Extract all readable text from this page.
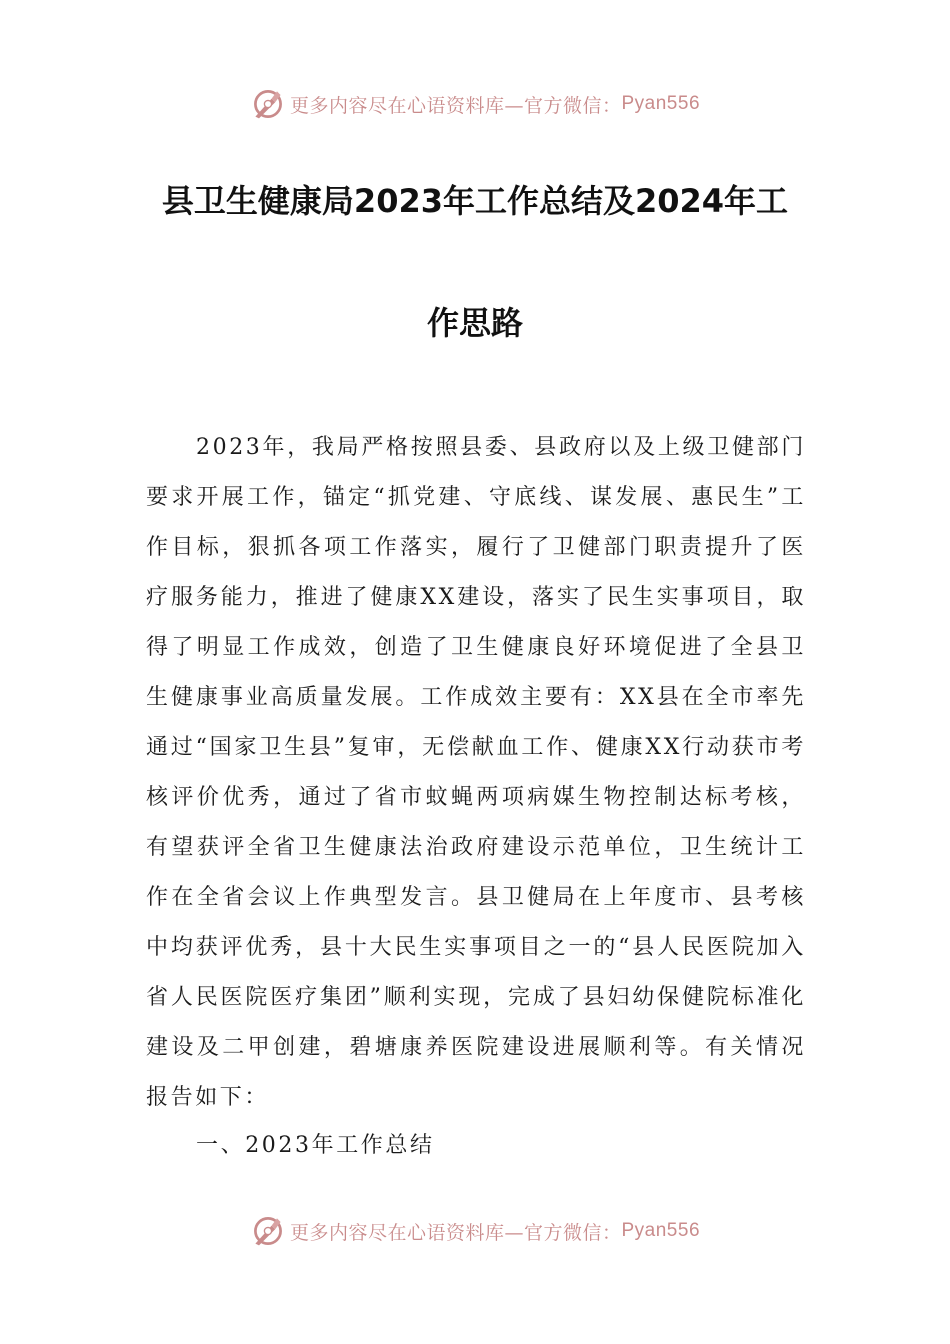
更多内容尽在心语资料库—官方微信： Pyan556
县卫生健康局2023年工作总结及2024年工
作思路

2023年，我局严格按照县委、县政府以及上级卫健部门要求开展工作，锚定“抓党建、守底线、谋发展、惠民生”工作目标，狠抓各项工作落实，履行了卫健部门职责提升了医疗服务能力，推进了健康XX建设，落实了民生实事项目，取得了明显工作成效，创造了卫生健康良好环境促进了全县卫生健康事业高质量发展。工作成效主要有：XX县在全市率先通过“国家卫生县”复审，无偿献血工作、健康XX行动获市考核评价优秀，通过了省市蚊蝇两项病媒生物控制达标考核，有望获评全省卫生健康法治政府建设示范单位，卫生统计工作在全省会议上作典型发言。县卫健局在上年度市、县考核中均获评优秀，县十大民生实事项目之一的“县人民医院加入省人民医院医疗集团”顺利实现，完成了县妇幼保健院标准化建设及二甲创建，碧塘康养医院建设进展顺利等。有关情况报告如下：

一、2023年工作总结

更多内容尽在心语资料库—官方微信： Pyan556
